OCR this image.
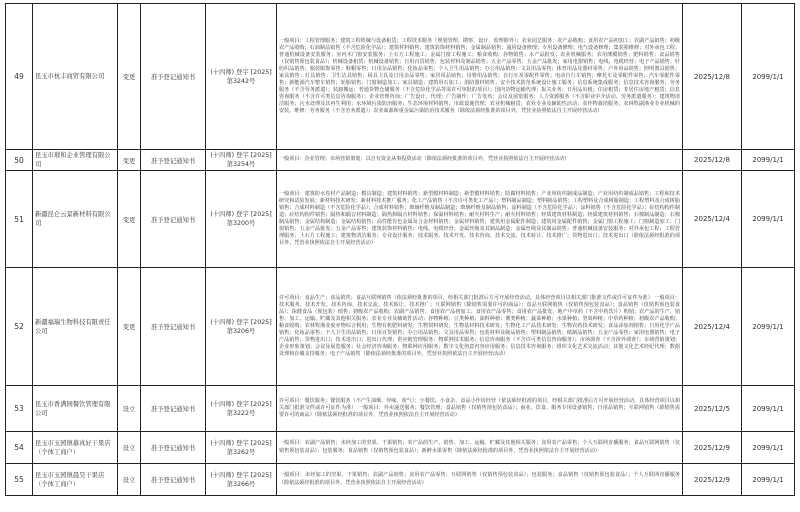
49	昆玉市杭丰商贸有限公司	变更	准予登记通知书	(十四师) 登字 [2025] 第3242号	一般项目：工程管理服务；建筑工程机械与设备租赁；工程技术服务（规划管理、勘察、设计、监理除外）；农业园艺服务；农产品收购；食用农产品初加工；农副产品销售；初级农产品收购；石油制品销售（不含危险化学品）；建筑材料销售；建筑装饰材料销售；金属制品销售；通用设备修理；专用设备修理；电气设备修理；集装箱维修；对外承包工程；普通机械设备安装服务；室内木门窗安装服务；土石方工程施工；金属门窗工程施工；粮食收购；谷物销售；水产品批发；农业机械服务；农用薄膜销售；肥料销售；食品销售（仅销售预包装食品）；机械设备租赁；机械设备销售；日用百货销售；包装材料及制品销售；五金产品零售；五金产品批发；家用电器销售；电线、电缆经营；电子产品销售；针纺织品销售；服装服饰零售；鞋帽零售；日用杂品销售；化妆品零售；个人卫生用品销售；办公用品销售；文具用品零售；体育用品及器材零售；户外用品销售；照明器具销售；家具销售；灯具销售；卫生洁具销售；厨具卫具及日用杂品零售；家居用品销售；母婴用品销售；自行车及零配件零售；电动自行车销售；摩托车及零配件零售；汽车零配件零售；新能源汽车整车销售；轮胎销售；门窗制造加工；家具制造；建筑用石加工；消防器材销售；安全技术防范系统设计施工服务；信息系统集成服务；信息技术咨询服务；劳务服务（不含劳务派遣）；装卸搬运；普通货物仓储服务（不含危险化学品等需许可审批的项目）；国内货物运输代理；报关业务；日用品出租；住房租赁；非居住房地产租赁；信息咨询服务（不含许可类信息咨询服务）；企业管理咨询；广告设计、代理；广告制作；广告发布；会议及展览服务；人力资源服务（不含职业中介活动、劳务派遣服务）；建筑物清洁服务；污水处理及其再生利用；水环境污染防治服务；生态环境材料销售；市政设施管理；农业机械租赁；农业专业及辅助性活动；农作物栽培服务；农林牧副渔业专业机械的安装、维修；劳务服务（不含劳务派遣）；农业面源和重金属污染防治技术服务（除依法须经批准的项目外，凭营业执照依法自主开展经营活动）	2025/12/8	2099/1/1
50	昆玉市璀和企业管理有限公司	变更	准予登记通知书	(十四师) 登字 [2025] 第3254号	一般项目：企业管理；市场营销策划；以自有资金从事投资活动（除依法须经批准的项目外，凭营业执照依法自主开展经营活动）	2025/12/8	2099/1/1
51	新疆昆仑云景新材料有限公司	变更	准予登记通知书	(十四师) 登字 [2025] 第3200号	一般项目：建筑防水卷材产品制造；模具制造；建筑材料销售；新型膜材料制造；新型膜材料销售；防腐材料销售；产业用纺织制成品制造；产业用纺织制成品销售；工程和技术研究和试验发展；新材料技术研发；新材料技术推广服务；化工产品销售（不含许可类化工产品）；塑料制品制造；塑料制品销售；工程塑料及合成树脂制造；工程塑料及合成树脂销售；合成材料制造（不含危险化学品）；合成材料销售；玻璃纤维及制品制造；玻璃纤维及制品销售；涂料制造（不含危险化学品）；涂料销售（不含危险化学品）；砼结构构件制造；砼结构构件销售；隔热和隔音材料制造；隔热和隔音材料销售；保温材料销售；耐火材料生产；耐火材料销售；轻质建筑材料制造；轻质建筑材料销售；石棉制品制造；石棉制品销售；金属结构制造；金属结构销售；高性能有色金属及合金材料销售；金属材料销售；建筑用金属配件制造；建筑用金属配件销售；金属门窗工程施工；门窗制造加工；门窗销售；五金产品批发；五金产品零售；建筑装饰材料销售；电线、电缆经营；金属丝绳及其制品制造；金属丝绳及其制品销售；普通机械设备安装服务；对外承包工程；工程管理服务；土石方工程施工；建筑物清洁服务；专业设计服务；技术服务、技术开发、技术咨询、技术交流、技术转让、技术推广；货物进出口；技术进出口（除依法须经批准的项目外，凭营业执照依法自主开展经营活动）	2025/12/4	2099/1/1
52	新疆福瑞生物科技有限责任公司	变更	准予登记通知书	(十四师) 登字 [2025] 第3206号	许可项目：食品生产；食品销售；食品互联网销售（依法须经批准的项目，经相关部门批准后方可开展经营活动，具体经营项目以相关部门批准文件或许可证件为准） 一般项目：技术服务、技术开发、技术咨询、技术交流、技术转让、技术推广；互联网销售（除销售需要许可的商品）；食品互联网销售（仅销售预包装食品）；食品销售（仅销售预包装食品）；保健食品（预包装）销售；初级农产品收购；农副产品销售；食用农产品初加工；食用农产品零售；食用农产品批发；地产中草药（不含中药饮片）购销；农产品的生产、销售、加工、运输、贮藏及其他相关服务；农业专业及辅助性活动；谷物种植；豆类种植；油料种植；薯类种植；蔬菜种植；水果种植；坚果种植；中草药种植；初级农产品收购；粮食收购；农林牧渔业废弃物综合利用；生物有机肥料研发；生物饲料研发；生物基材料技术研发；生物化工产品技术研发；生物农药技术研发；食品添加剂销售；日用化学产品销售；化妆品零售；个人卫生用品销售；日用百货销售；办公用品销售；文具用品零售；包装材料及制品销售；塑料制品销售；纸制品销售；五金产品零售；家用电器销售；电子产品销售；货物进出口；技术进出口；进出口代理；供应链管理服务；物联网技术服务；信息咨询服务（不含许可类信息咨询服务）；市场调查（不含涉外调查）；市场营销策划；企业形象策划；会议及展览服务；社会经济咨询服务；物联网应用服务；数字文化创意内容应用服务；信息技术咨询服务；组织文化艺术交流活动；其他文化艺术经纪代理；数据处理和存储支持服务；电子产品销售（除依法须经批准的项目外，凭营业执照依法自主开展经营活动）	2025/12/4	2099/1/1
53	昆玉市香满园餐饮管理有限公司	设立	准予登记通知书	(十四师) 登字 [2025] 第3222号	许可项目：餐饮服务；餐饮服务（不产生油烟、异味、废气）；小餐饮、小食杂、食品小作坊经营（依法须经批准的项目，经相关部门批准后方可开展经营活动，具体经营项目以相关部门批准文件或许可证件为准） 一般项目：外卖递送服务；餐饮管理；食品销售（仅销售预包装食品）；商业、饮食、服务专用设备销售；日用品销售；互联网销售（除销售需要许可的商品）（除依法须经批准的项目外，凭营业执照依法自主开展经营活动）	2025/12/5	2099/1/1
54	昆玉市玉园镇慕真好干果店（个体工商户）	设立	准予登记通知书	(十四师) 登字 [2025] 第3262号	一般项目：农副产品销售；未经加工的坚果、干果销售；农产品的生产、销售、加工、运输、贮藏及其他相关服务；食用农产品零售；个人互联网直播服务；食品互联网销售（仅销售预包装食品）；包装服务；食品销售（仅销售预包装食品）；新鲜水果零售（除依法须经批准的项目外，凭营业执照依法自主开展经营活动）	2025/12/9	2099/1/1
55	昆玉市玉园镇晨昊干果店（个体工商户）	设立	准予登记通知书	(十四师) 登字 [2025] 第3266号	一般项目：未经加工的坚果、干果销售；农副产品销售；食用农产品零售；互联网销售（仅销售预包装食品）；包装服务；食品销售（仅销售预包装食品）；个人互联网直播服务（除依法须经批准的项目外，凭营业执照依法自主开展经营活动）	2025/12/9	2099/1/1
